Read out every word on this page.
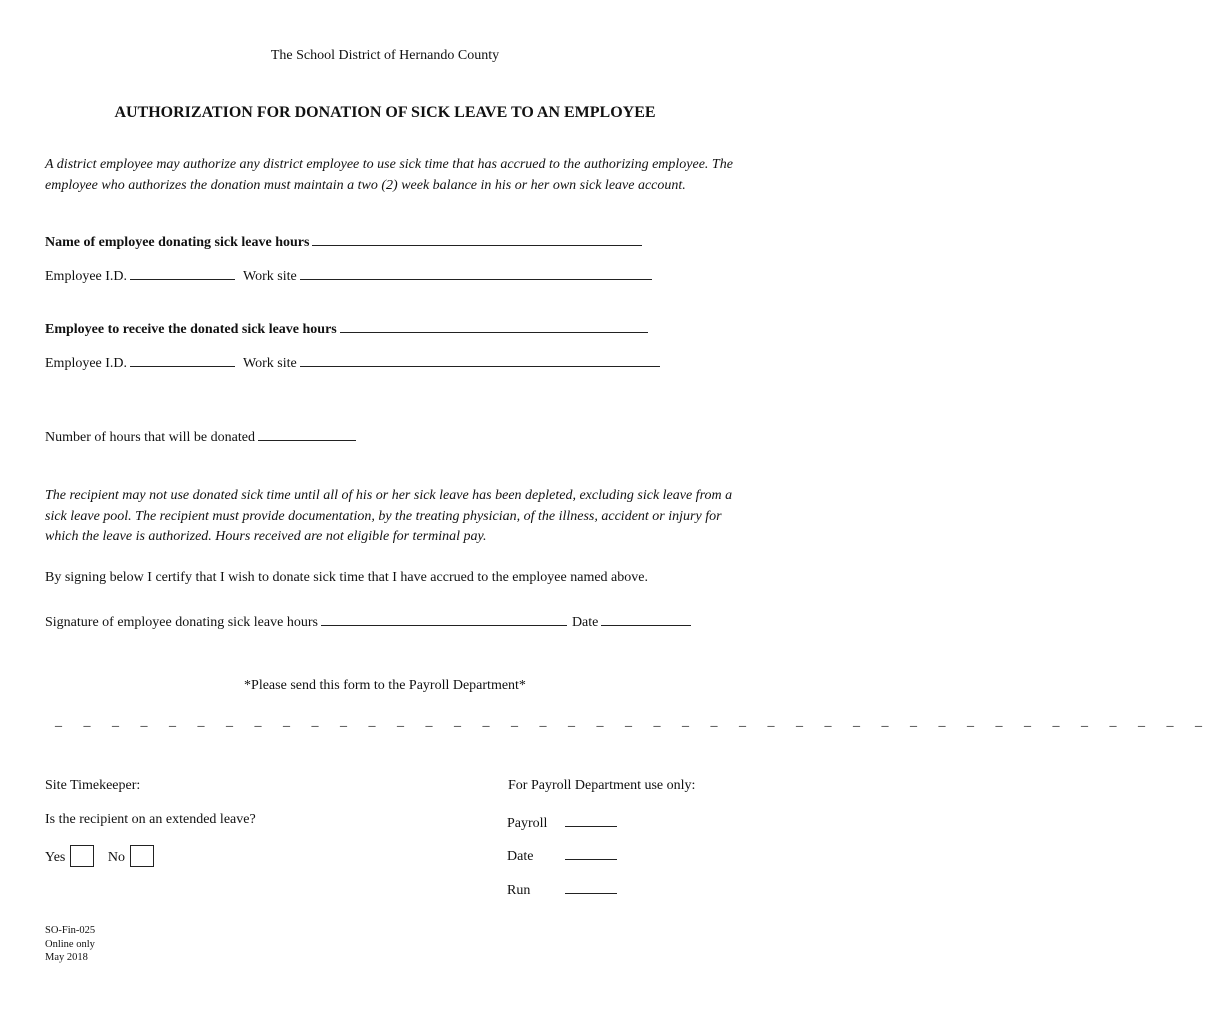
The School District of Hernando County
AUTHORIZATION FOR DONATION OF SICK LEAVE TO AN EMPLOYEE
A district employee may authorize any district employee to use sick time that has accrued to the authorizing employee. The employee who authorizes the donation must maintain a two (2) week balance in his or her own sick leave account.
Name of employee donating sick leave hours
Employee I.D.	Work site
Employee to receive the donated sick leave hours
Employee I.D.	Work site
Number of hours that will be donated
The recipient may not use donated sick time until all of his or her sick leave has been depleted, excluding sick leave from a sick leave pool. The recipient must provide documentation, by the treating physician, of the illness, accident or injury for which the leave is authorized. Hours received are not eligible for terminal pay.
By signing below I certify that I wish to donate sick time that I have accrued to the employee named above.
Signature of employee donating sick leave hours	Date
*Please send this form to the Payroll Department*
_ _ _ _ _ _ _ _ _ _ _ _ _ _ _ _ _ _ _ _ _ _ _ _ _ _ _ _ _ _ _ _ _ _ _ _ _ _ _ _ _
Site Timekeeper:
Is the recipient on an extended leave?
Yes	No
For Payroll Department use only:
Payroll
Date
Run
SO-Fin-025
Online only
May 2018
